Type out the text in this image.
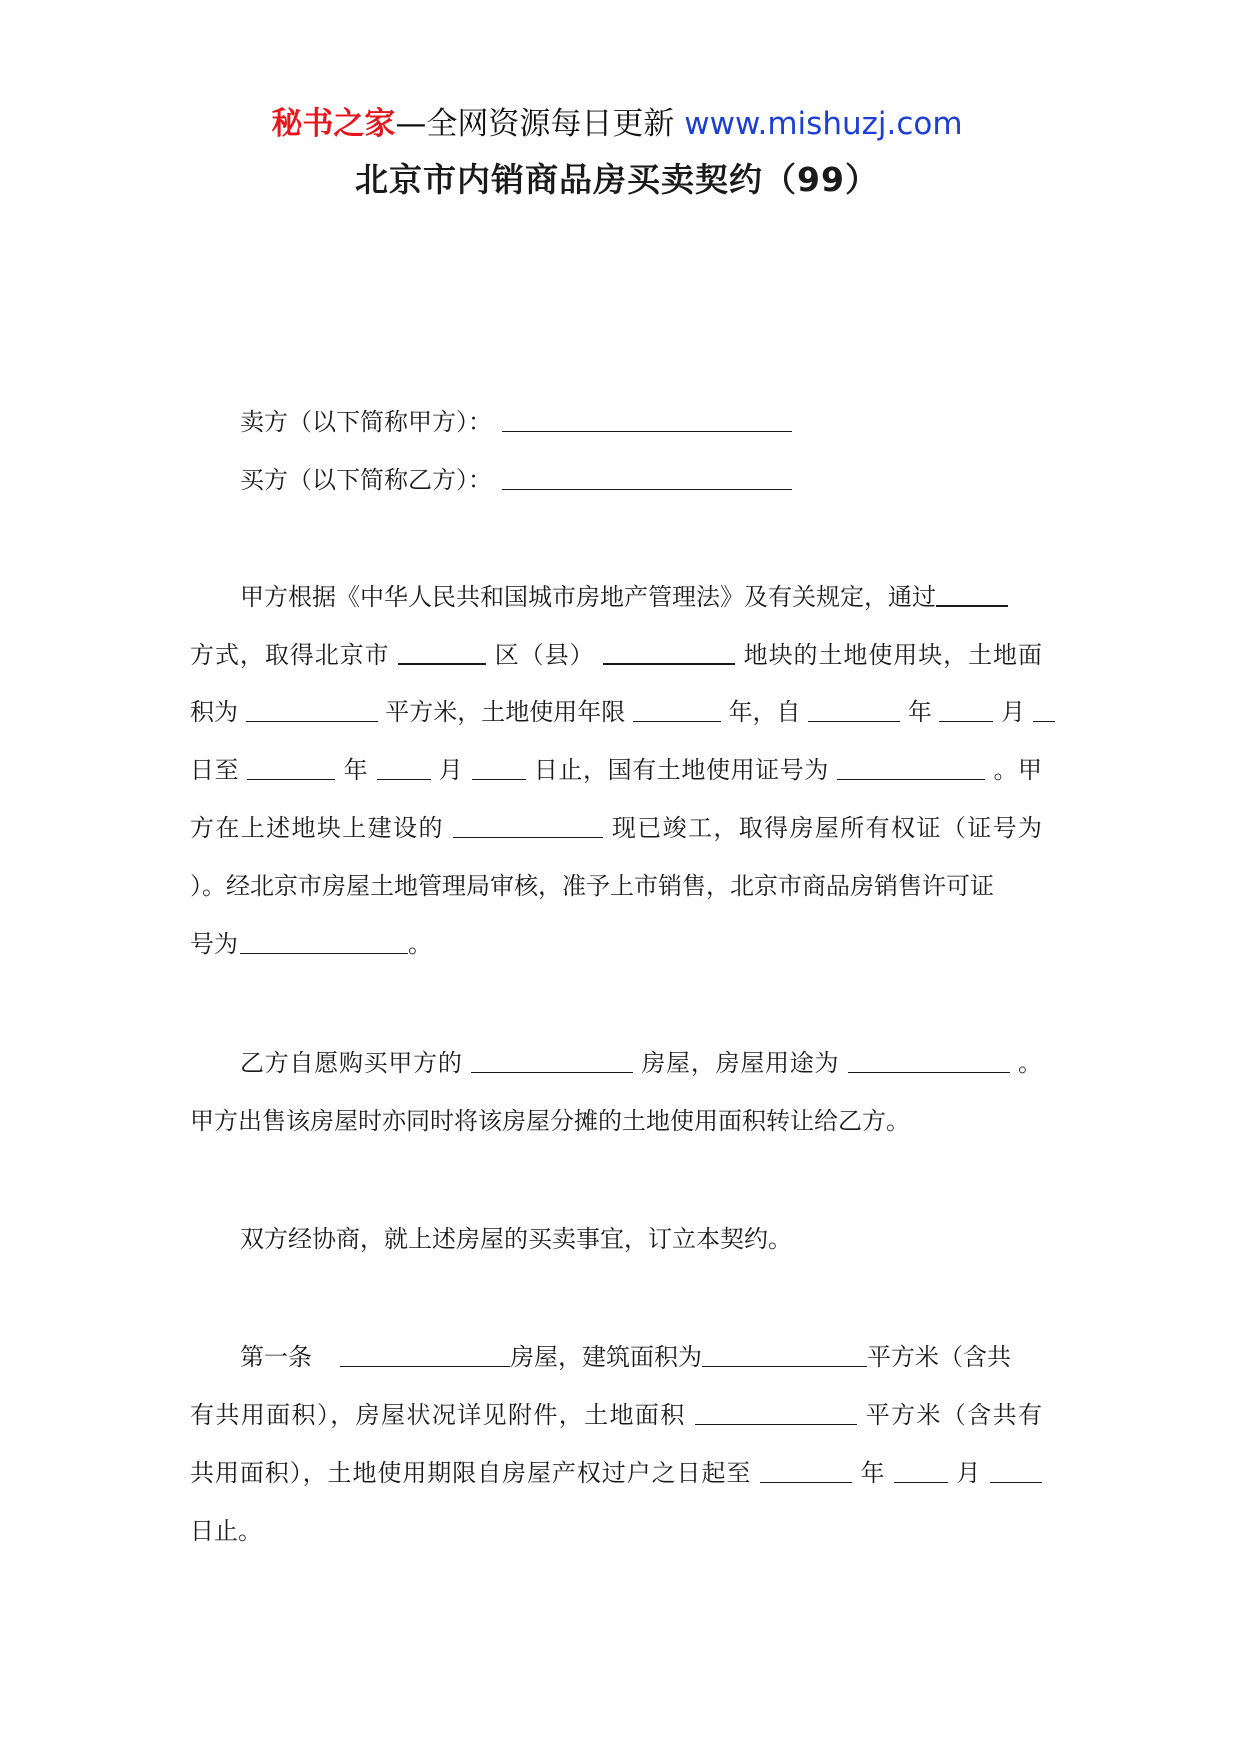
秘书之家—全网资源每日更新 www.mishuzj.com
北京市内销商品房买卖契约（99）
卖方（以下简称甲方）：
买方（以下简称乙方）：
甲方根据《中华人民共和国城市房地产管理法》及有关规定，通过
方式，取得北京市	区（县）	地块的土地使用块，土地面
积为	平方米，土地使用年限	年，自	年	月
日至	年	月	日止，国有土地使用证号为	。甲
方在上述地块上建设的	现已竣工，取得房屋所有权证（证号为
）。经北京市房屋土地管理局审核，准予上市销售，北京市商品房销售许可证
号为	。
乙方自愿购买甲方的	房屋，房屋用途为	。
甲方出售该房屋时亦同时将该房屋分摊的土地使用面积转让给乙方。
双方经协商，就上述房屋的买卖事宜，订立本契约。
第一条	房屋，建筑面积为	平方米（含共
有共用面积），房屋状况详见附件，土地面积	平方米（含共有
共用面积），土地使用期限自房屋产权过户之日起至	年	月
日止。
